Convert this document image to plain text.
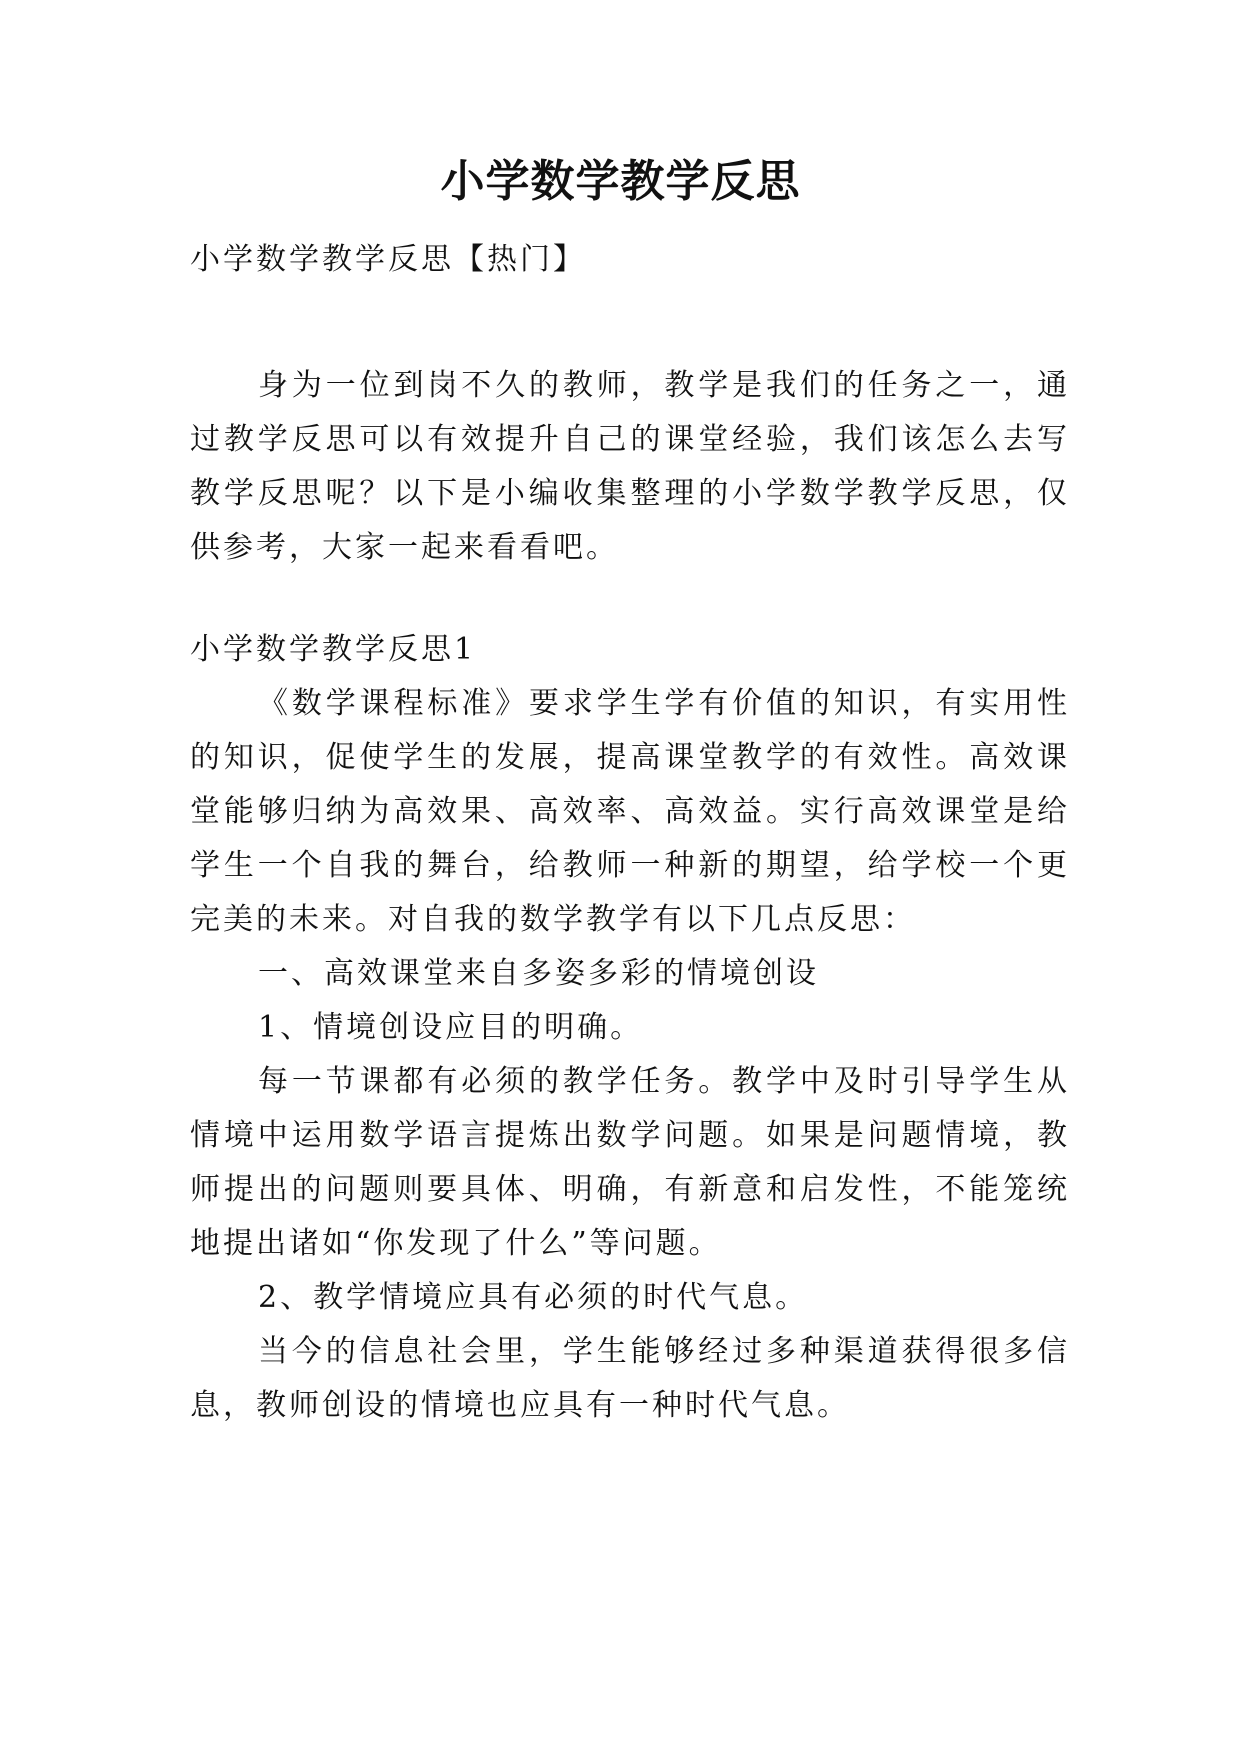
小学数学教学反思
小学数学教学反思【热门】
身为一位到岗不久的教师，教学是我们的任务之一，通
过教学反思可以有效提升自己的课堂经验，我们该怎么去写
教学反思呢？以下是小编收集整理的小学数学教学反思，仅
供参考，大家一起来看看吧。
小学数学教学反思1
《数学课程标准》要求学生学有价值的知识，有实用性
的知识，促使学生的发展，提高课堂教学的有效性。高效课
堂能够归纳为高效果、高效率、高效益。实行高效课堂是给
学生一个自我的舞台，给教师一种新的期望，给学校一个更
完美的未来。对自我的数学教学有以下几点反思：
一、高效课堂来自多姿多彩的情境创设
1、情境创设应目的明确。
每一节课都有必须的教学任务。教学中及时引导学生从
情境中运用数学语言提炼出数学问题。如果是问题情境，教
师提出的问题则要具体、明确，有新意和启发性，不能笼统
地提出诸如“你发现了什么”等问题。
2、教学情境应具有必须的时代气息。
当今的信息社会里，学生能够经过多种渠道获得很多信
息，教师创设的情境也应具有一种时代气息。
